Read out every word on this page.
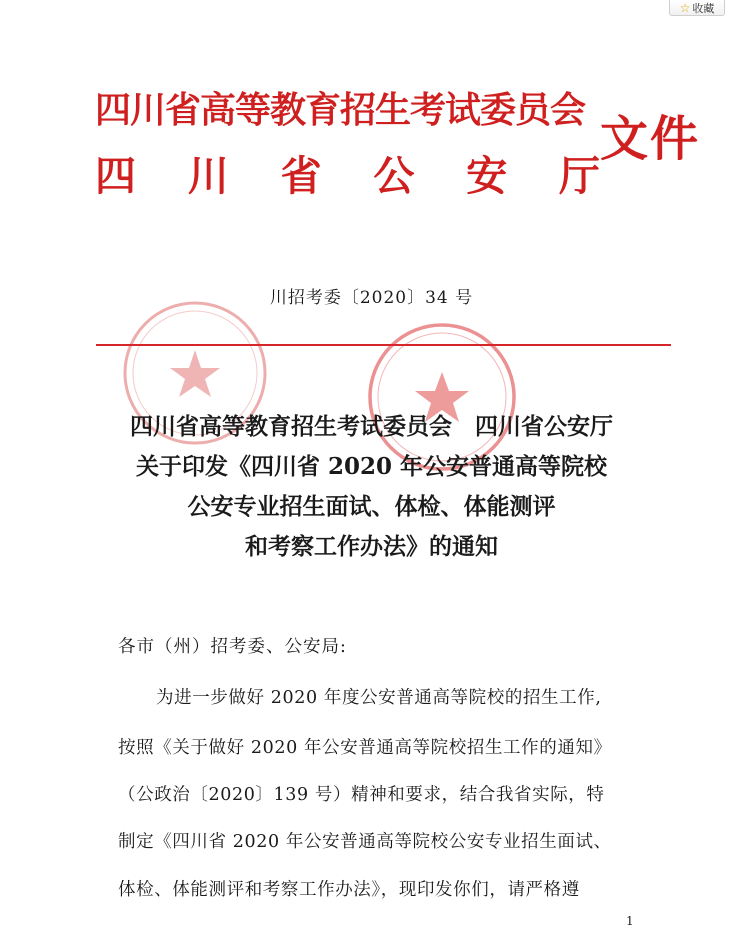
☆ 收藏
四川省高等教育招生考试委员会
四 川 省 公 安 厅
文件
川招考委〔2020〕34 号
四川省高等教育招生考试委员会　四川省公安厅
关于印发《四川省 2020 年公安普通高等院校
公安专业招生面试、体检、体能测评
和考察工作办法》的通知
各市（州）招考委、公安局:
为进一步做好 2020 年度公安普通高等院校的招生工作,
按照《关于做好 2020 年公安普通高等院校招生工作的通知》
（公政治〔2020〕139 号）精神和要求，结合我省实际，特
制定《四川省 2020 年公安普通高等院校公安专业招生面试、
体检、体能测评和考察工作办法》，现印发你们，请严格遵
1
